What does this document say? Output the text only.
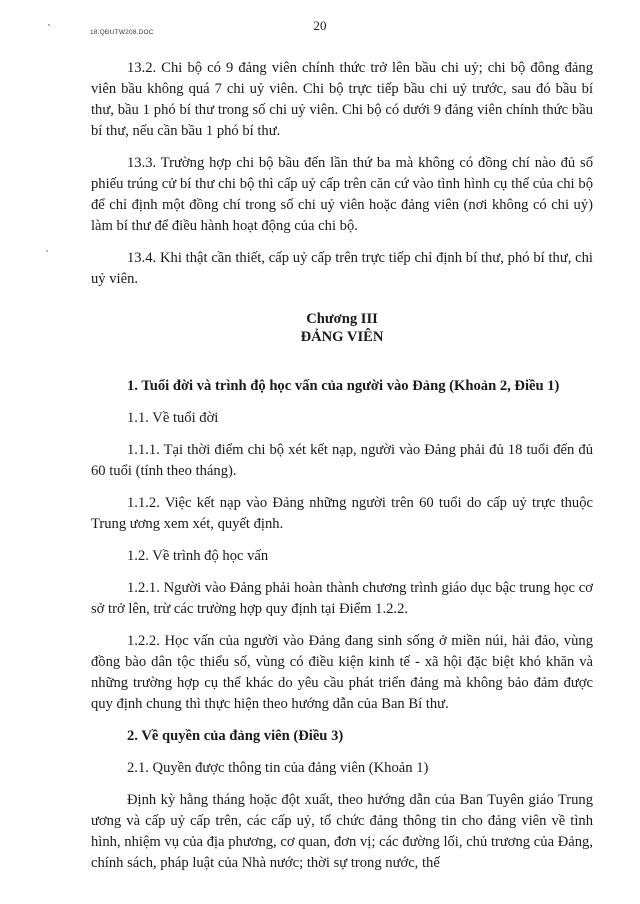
18.QĐUTW208.DOC	20

13.2. Chi bộ có 9 đảng viên chính thức trở lên bầu chi uỷ; chi bộ đông đảng viên bầu không quá 7 chi uỷ viên. Chi bộ trực tiếp bầu chi uỷ trước, sau đó bầu bí thư, bầu 1 phó bí thư trong số chi uỷ viên. Chi bộ có dưới 9 đảng viên chính thức bầu bí thư, nếu cần bầu 1 phó bí thư.

13.3. Trường hợp chi bộ bầu đến lần thứ ba mà không có đồng chí nào đủ số phiếu trúng cử bí thư chi bộ thì cấp uỷ cấp trên căn cứ vào tình hình cụ thể của chi bộ để chỉ định một đồng chí trong số chi uỷ viên hoặc đảng viên (nơi không có chi uỷ) làm bí thư để điều hành hoạt động của chi bộ.

13.4. Khi thật cần thiết, cấp uỷ cấp trên trực tiếp chỉ định bí thư, phó bí thư, chi uỷ viên.

Chương III
ĐẢNG VIÊN

1. Tuổi đời và trình độ học vấn của người vào Đảng (Khoản 2, Điều 1)

1.1. Về tuổi đời

1.1.1. Tại thời điểm chi bộ xét kết nạp, người vào Đảng phải đủ 18 tuổi đến đủ 60 tuổi (tính theo tháng).

1.1.2. Việc kết nạp vào Đảng những người trên 60 tuổi do cấp uỷ trực thuộc Trung ương xem xét, quyết định.

1.2. Về trình độ học vấn

1.2.1. Người vào Đảng phải hoàn thành chương trình giáo dục bậc trung học cơ sở trở lên, trừ các trường hợp quy định tại Điểm 1.2.2.

1.2.2. Học vấn của người vào Đảng đang sinh sống ở miền núi, hải đảo, vùng đồng bào dân tộc thiểu số, vùng có điều kiện kinh tế - xã hội đặc biệt khó khăn và những trường hợp cụ thể khác do yêu cầu phát triển đảng mà không bảo đảm được quy định chung thì thực hiện theo hướng dẫn của Ban Bí thư.

2. Về quyền của đảng viên (Điều 3)

2.1. Quyền được thông tin của đảng viên (Khoản 1)

Định kỳ hằng tháng hoặc đột xuất, theo hướng dẫn của Ban Tuyên giáo Trung ương và cấp uỷ cấp trên, các cấp uỷ, tổ chức đảng thông tin cho đảng viên về tình hình, nhiệm vụ của địa phương, cơ quan, đơn vị; các đường lối, chủ trương của Đảng, chính sách, pháp luật của Nhà nước; thời sự trong nước, thế
